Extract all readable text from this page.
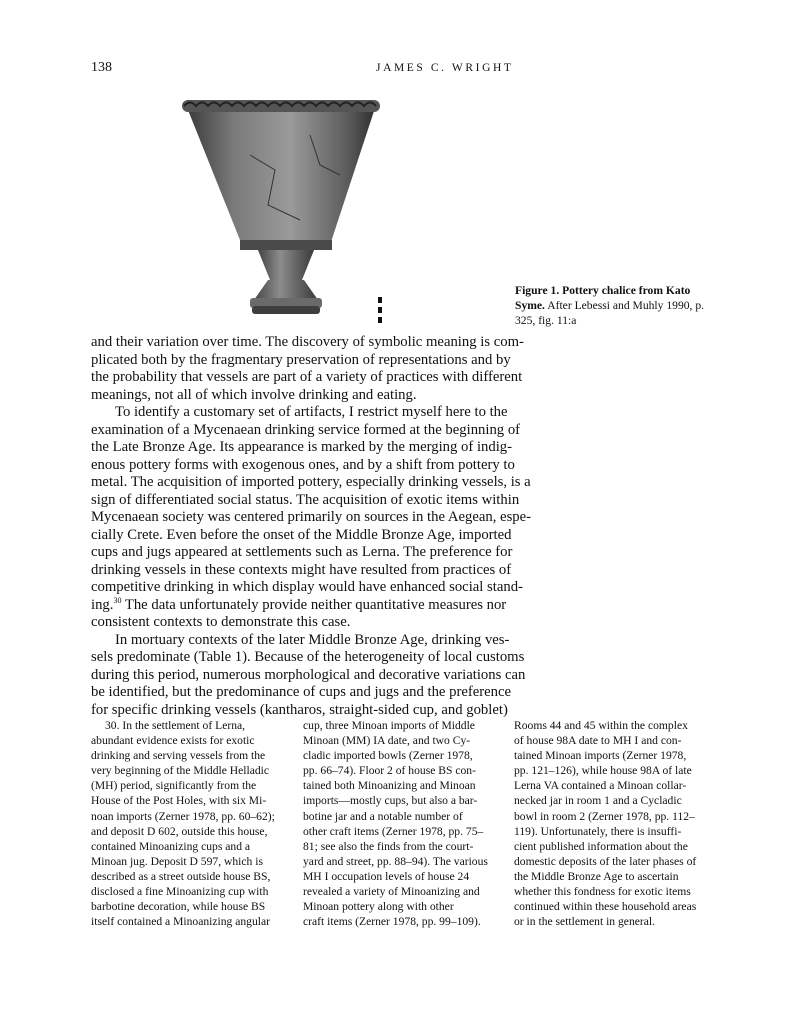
138	JAMES C. WRIGHT
Figure 1. Pottery chalice from Kato Syme. After Lebessi and Muhly 1990, p. 325, fig. 11:a

and their variation over time. The discovery of symbolic meaning is com-
plicated both by the fragmentary preservation of representations and by
the probability that vessels are part of a variety of practices with different
meanings, not all of which involve drinking and eating.

To identify a customary set of artifacts, I restrict myself here to the
examination of a Mycenaean drinking service formed at the beginning of
the Late Bronze Age. Its appearance is marked by the merging of indig-
enous pottery forms with exogenous ones, and by a shift from pottery to
metal. The acquisition of imported pottery, especially drinking vessels, is a
sign of differentiated social status. The acquisition of exotic items within
Mycenaean society was centered primarily on sources in the Aegean, espe-
cially Crete. Even before the onset of the Middle Bronze Age, imported
cups and jugs appeared at settlements such as Lerna. The preference for
drinking vessels in these contexts might have resulted from practices of
competitive drinking in which display would have enhanced social stand-
ing.$^{30}$ The data unfortunately provide neither quantitative measures nor
consistent contexts to demonstrate this case.

In mortuary contexts of the later Middle Bronze Age, drinking ves-
sels predominate (Table 1). Because of the heterogeneity of local customs
during this period, numerous morphological and decorative variations can
be identified, but the predominance of cups and jugs and the preference
for specific drinking vessels (kantharos, straight-sided cup, and goblet)

30. In the settlement of Lerna,
abundant evidence exists for exotic
drinking and serving vessels from the
very beginning of the Middle Helladic
(MH) period, significantly from the
House of the Post Holes, with six Mi-
noan imports (Zerner 1978, pp. 60–62);
and deposit D 602, outside this house,
contained Minoanizing cups and a
Minoan jug. Deposit D 597, which is
described as a street outside house BS,
disclosed a fine Minoanizing cup with
barbotine decoration, while house BS
itself contained a Minoanizing angular
cup, three Minoan imports of Middle
Minoan (MM) IA date, and two Cy-
cladic imported bowls (Zerner 1978,
pp. 66–74). Floor 2 of house BS con-
tained both Minoanizing and Minoan
imports—mostly cups, but also a bar-
botine jar and a notable number of
other craft items (Zerner 1978, pp. 75–
81; see also the finds from the court-
yard and street, pp. 88–94). The various
MH I occupation levels of house 24
revealed a variety of Minoanizing and
Minoan pottery along with other
craft items (Zerner 1978, pp. 99–109).
Rooms 44 and 45 within the complex
of house 98A date to MH I and con-
tained Minoan imports (Zerner 1978,
pp. 121–126), while house 98A of late
Lerna VA contained a Minoan collar-
necked jar in room 1 and a Cycladic
bowl in room 2 (Zerner 1978, pp. 112–
119). Unfortunately, there is insuffi-
cient published information about the
domestic deposits of the later phases of
the Middle Bronze Age to ascertain
whether this fondness for exotic items
continued within these household areas
or in the settlement in general.
